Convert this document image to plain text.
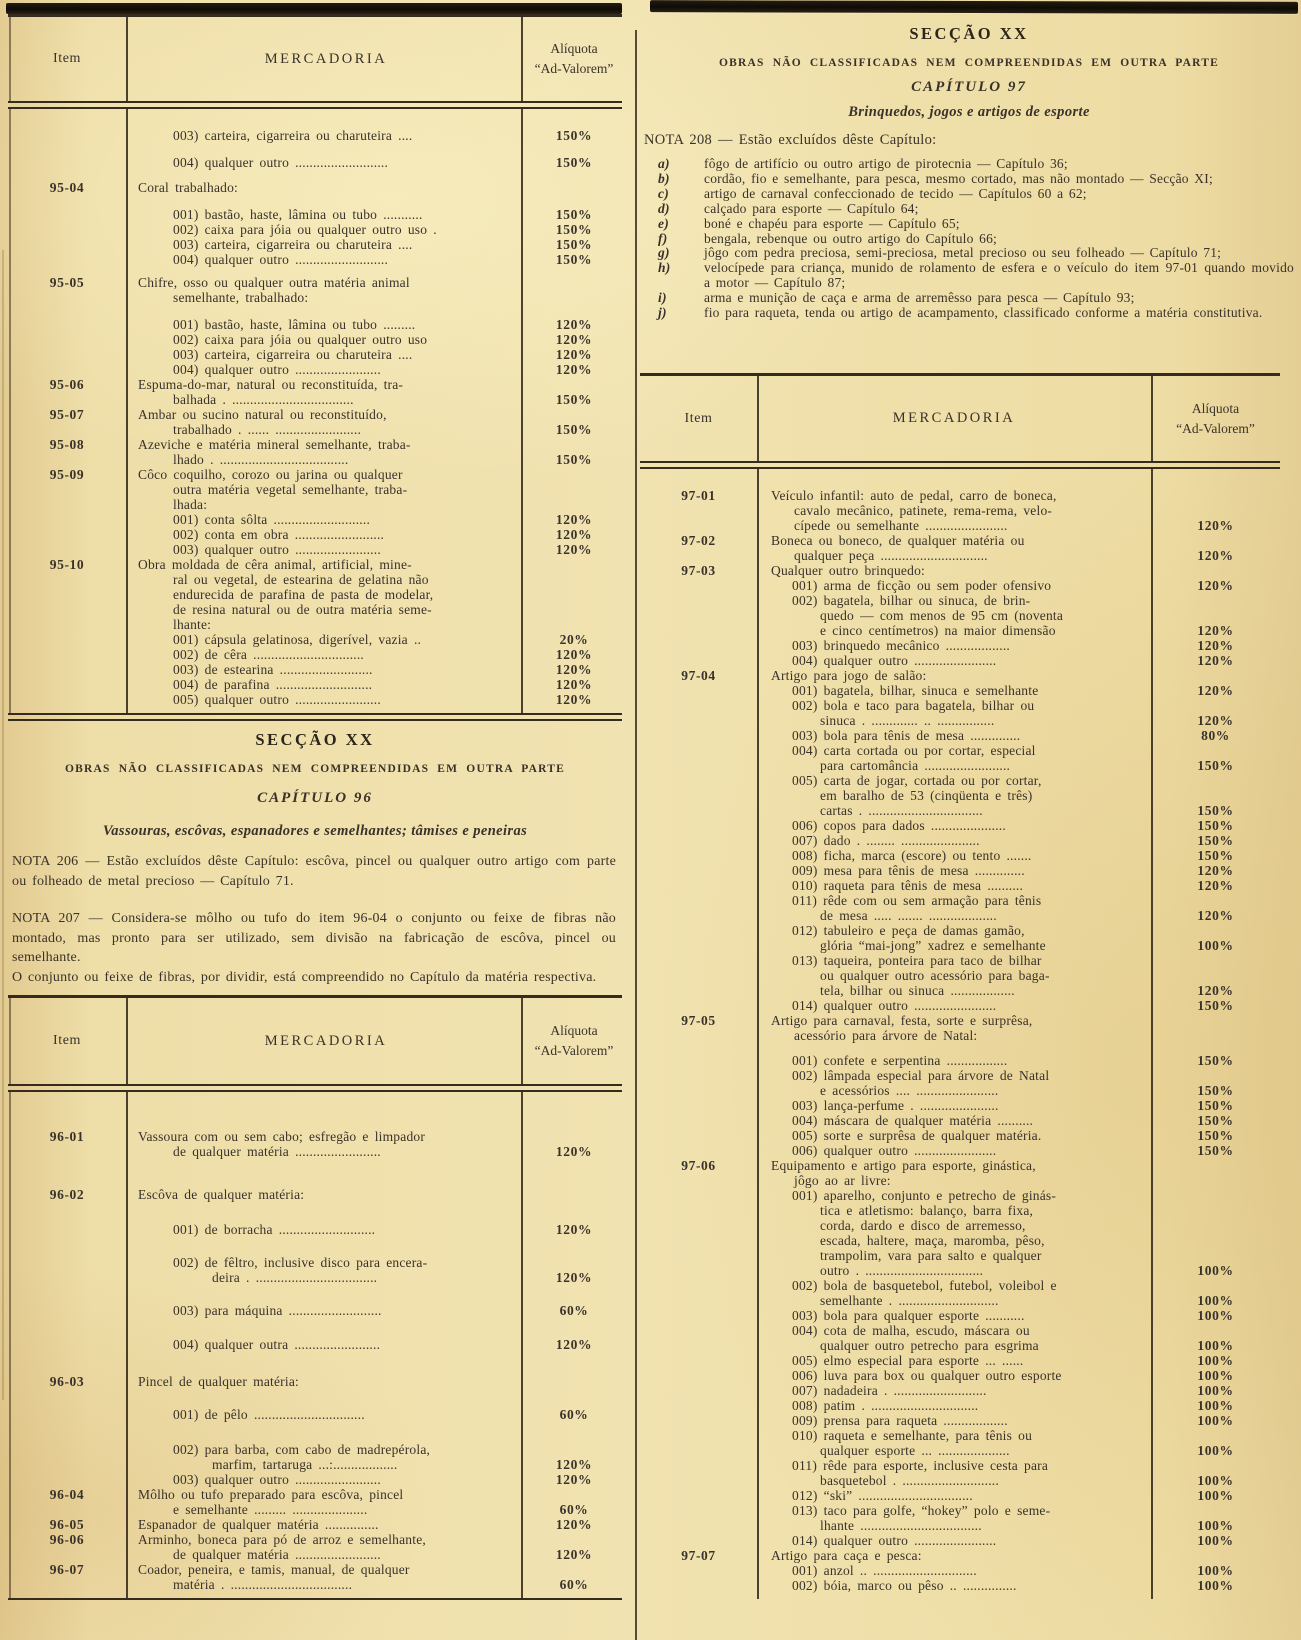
Item	MERCADORIA
Alíquota
“Ad-Valorem”
003) carteira, cigarreira ou charuteira ....	150%
004) qualquer outro ..........................	150%
95-04	Coral trabalhado:
001) bastão, haste, lâmina ou tubo ...........	150%
002) caixa para jóia ou qualquer outro uso .	150%
003) carteira, cigarreira ou charuteira ....	150%
004) qualquer outro ..........................	150%
95-05	Chifre, osso ou qualquer outra matéria animal
semelhante, trabalhado:
001) bastão, haste, lâmina ou tubo .........	120%
002) caixa para jóia ou qualquer outro uso	120%
003) carteira, cigarreira ou charuteira ....	120%
004) qualquer outro ........................	120%
95-06	Espuma-do-mar, natural ou reconstituída, tra-
balhada . ..................................	150%
95-07	Ambar ou sucino natural ou reconstituído,
trabalhado . ...... ........................	150%
95-08	Azeviche e matéria mineral semelhante, traba-
lhado . ....................................	150%
95-09	Côco coquilho, corozo ou jarina ou qualquer
outra matéria vegetal semelhante, traba-
lhada:
001) conta sôlta ...........................	120%
002) conta em obra .........................	120%
003) qualquer outro ........................	120%
95-10	Obra moldada de cêra animal, artificial, mine-
ral ou vegetal, de estearina de gelatina não
endurecida de parafina de pasta de modelar,
de resina natural ou de outra matéria seme-
lhante:
001) cápsula gelatinosa, digerível, vazia ..	20%
002) de cêra ...............................	120%
003) de estearina ..........................	120%
004) de parafina ...........................	120%
005) qualquer outro ........................	120%
SECÇÃO XX
OBRAS NÃO CLASSIFICADAS NEM COMPREENDIDAS EM OUTRA PARTE
CAPÍTULO 96
Vassouras, escôvas, espanadores e semelhantes; tâmises e peneiras

NOTA 206 — Estão excluídos dêste Capítulo: escôva, pincel ou qualquer outro artigo com parte ou folheado de metal precioso — Capítulo 71.

NOTA 207 — Considera-se môlho ou tufo do item 96-04 o conjunto ou feixe de fibras não montado, mas pronto para ser utilizado, sem divisão na fabricação de escôva, pincel ou semelhante.

O conjunto ou feixe de fibras, por dividir, está compreendido no Capítulo da matéria respectiva.

Item	MERCADORIA
Alíquota
“Ad-Valorem”
96-01	Vassoura com ou sem cabo; esfregão e limpador
de qualquer matéria ........................	120%
96-02	Escôva de qualquer matéria:
001) de borracha ...........................	120%
002) de fêltro, inclusive disco para encera-
deira . ..................................	120%
003) para máquina ..........................	60%
004) qualquer outra ........................	120%
96-03	Pincel de qualquer matéria:
001) de pêlo ...............................	60%
002) para barba, com cabo de madrepérola,
marfim, tartaruga ...:..................	120%
003) qualquer outro ........................	120%
96-04	Môlho ou tufo preparado para escôva, pincel
e semelhante ......... .....................	60%
96-05	Espanador de qualquer matéria ...............	120%
96-06	Arminho, boneca para pó de arroz e semelhante,
de qualquer matéria ........................	120%
96-07	Coador, peneira, e tamis, manual, de qualquer
matéria . ..................................	60%
SECÇÃO XX
OBRAS NÃO CLASSIFICADAS NEM COMPREENDIDAS EM OUTRA PARTE
CAPÍTULO 97
Brinquedos, jogos e artigos de esporte
NOTA 208 — Estão excluídos dêste Capítulo:
a)	fôgo de artifício ou outro artigo de pirotecnia — Capítulo 36;
b)	cordão, fio e semelhante, para pesca, mesmo cortado, mas não montado — Secção XI;
c)	artigo de carnaval confeccionado de tecido — Capítulos 60 a 62;
d)	calçado para esporte — Capítulo 64;
e)	boné e chapéu para esporte — Capítulo 65;
f)	bengala, rebenque ou outro artigo do Capítulo 66;
g)	jôgo com pedra preciosa, semi-preciosa, metal precioso ou seu folheado — Capítulo 71;
h) velocípede para criança, munido de rolamento de esfera e o veículo do item 97-01 quando movido a motor — Capítulo 87;
i)	arma e munição de caça e arma de arremêsso para pesca — Capítulo 93;
j)	fio para raqueta, tenda ou artigo de acampamento, classificado conforme a matéria constitutiva.
Item	MERCADORIA
Alíquota
“Ad-Valorem”
97-01	Veículo infantil: auto de pedal, carro de boneca,
cavalo mecânico, patinete, rema-rema, velo-
cípede ou semelhante .......................	120%
97-02	Boneca ou boneco, de qualquer matéria ou
qualquer peça ..............................	120%
97-03	Qualquer outro brinquedo:
001) arma de ficção ou sem poder ofensivo	120%
002) bagatela, bilhar ou sinuca, de brin-
quedo — com menos de 95 cm (noventa
e cinco centímetros) na maior dimensão	120%
003) brinquedo mecânico ..................	120%
004) qualquer outro .......................	120%
97-04	Artigo para jogo de salão:
001) bagatela, bilhar, sinuca e semelhante	120%
002) bola e taco para bagatela, bilhar ou
sinuca . ............. .. ................	120%
003) bola para tênis de mesa ..............	80%
004) carta cortada ou por cortar, especial
para cartomância ........................	150%
005) carta de jogar, cortada ou por cortar,
em baralho de 53 (cinqüenta e três)
cartas . ................................	150%
006) copos para dados .....................	150%
007) dado . ........ ......................	150%
008) ficha, marca (escore) ou tento .......	150%
009) mesa para tênis de mesa ..............	120%
010) raqueta para tênis de mesa ..........	120%
011) rêde com ou sem armação para tênis
de mesa ..... ....... ...................	120%
012) tabuleiro e peça de damas gamão,
glória “mai-jong” xadrez e semelhante	100%
013) taqueira, ponteira para taco de bilhar
ou qualquer outro acessório para baga-
tela, bilhar ou sinuca ..................	120%
014) qualquer outro .......................	150%
97-05	Artigo para carnaval, festa, sorte e surprêsa,
acessório para árvore de Natal:
001) confete e serpentina .................	150%
002) lâmpada especial para árvore de Natal
e acessórios .... .......................	150%
003) lança-perfume . ......................	150%
004) máscara de qualquer matéria ..........	150%
005) sorte e surprêsa de qualquer matéria.	150%
006) qualquer outro .......................	150%
97-06	Equipamento e artigo para esporte, ginástica,
jôgo ao ar livre:
001) aparelho, conjunto e petrecho de ginás-
tica e atletismo: balanço, barra fixa,
corda, dardo e disco de arremesso,
escada, haltere, maça, maromba, pêso,
trampolim, vara para salto e qualquer
outro . .................................	100%
002) bola de basquetebol, futebol, voleibol e
semelhante . ............................	100%
003) bola para qualquer esporte ...........	100%
004) cota de malha, escudo, máscara ou
qualquer outro petrecho para esgrima	100%
005) elmo especial para esporte ... ......	100%
006) luva para box ou qualquer outro esporte	100%
007) nadadeira . ..........................	100%
008) patim . ..............................	100%
009) prensa para raqueta ..................	100%
010) raqueta e semelhante, para tênis ou
qualquer esporte ... ....................	100%
011) rêde para esporte, inclusive cesta para
basquetebol . ...........................	100%
012) “ski” ................................	100%
013) taco para golfe, “hokey” polo e seme-
lhante ..................................	100%
014) qualquer outro .......................	100%
97-07	Artigo para caça e pesca:
001) anzol .. .............................	100%
002) bóia, marco ou pêso .. ...............	100%
